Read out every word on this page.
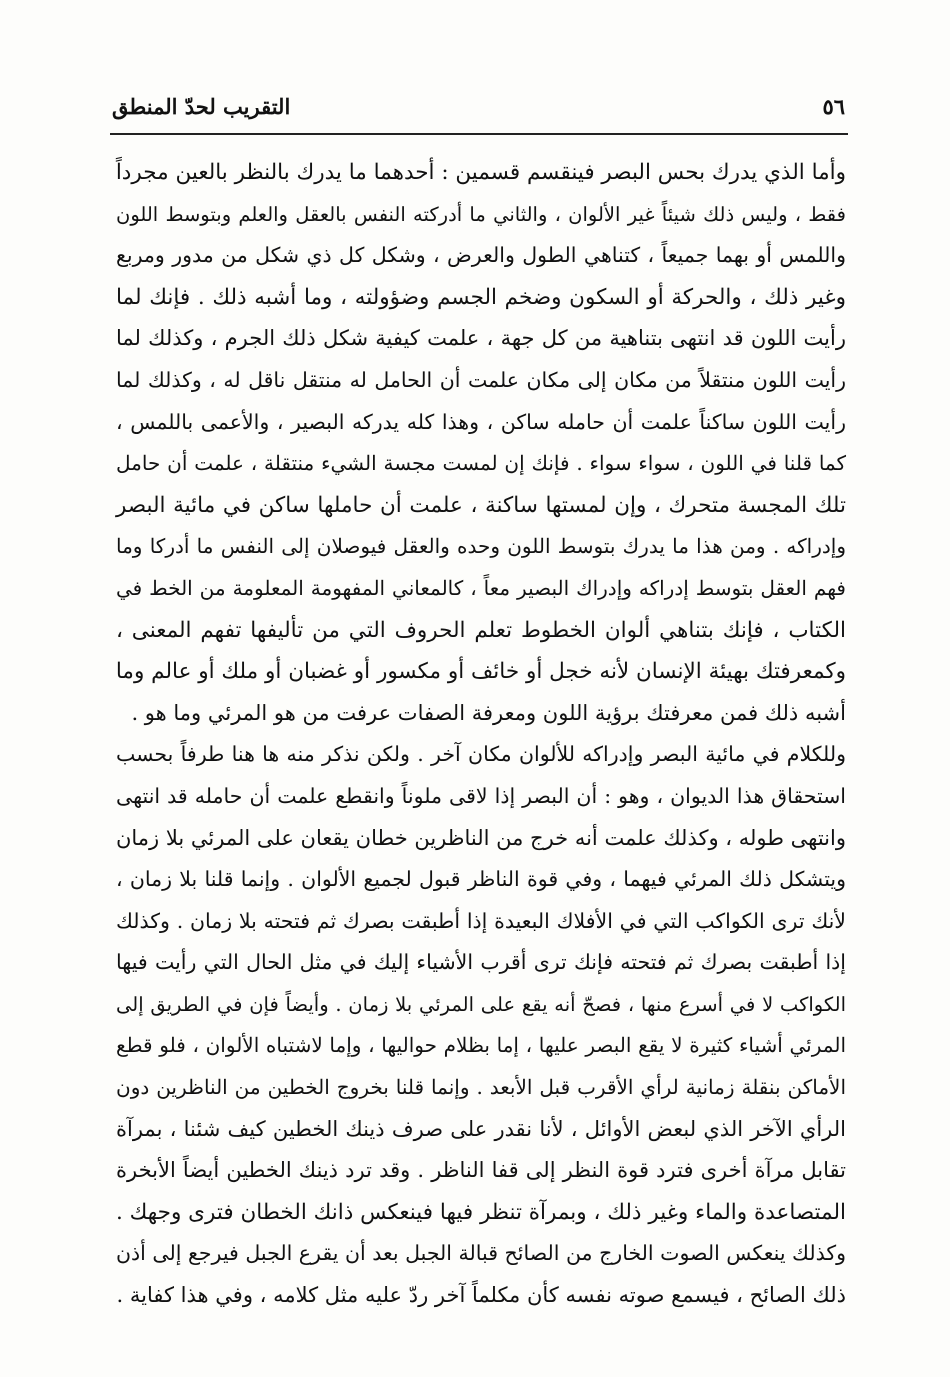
٥٦
التقريب لحدّ المنطق
وأما الذي يدرك بحس البصر فينقسم قسمين : أحدهما ما يدرك بالنظر بالعين مجرداً
فقط ، وليس ذلك شيئاً غير الألوان ، والثاني ما أدركته النفس بالعقل والعلم وبتوسط اللون
واللمس أو بهما جميعاً ، كتناهي الطول والعرض ، وشكل كل ذي شكل من مدور ومربع
وغير ذلك ، والحركة أو السكون وضخم الجسم وضؤولته ، وما أشبه ذلك . فإنك لما
رأيت اللون قد انتهى بتناهية من كل جهة ، علمت كيفية شكل ذلك الجرم ، وكذلك لما
رأيت اللون منتقلاً من مكان إلى مكان علمت أن الحامل له منتقل ناقل له ، وكذلك لما
رأيت اللون ساكناً علمت أن حامله ساكن ، وهذا كله يدركه البصير ، والأعمى باللمس ،
كما قلنا في اللون ، سواء سواء . فإنك إن لمست مجسة الشيء منتقلة ، علمت أن حامل
تلك المجسة متحرك ، وإن لمستها ساكنة ، علمت أن حاملها ساكن في مائية البصر
وإدراكه . ومن هذا ما يدرك بتوسط اللون وحده والعقل فيوصلان إلى النفس ما أدركا وما
فهم العقل بتوسط إدراكه وإدراك البصير معاً ، كالمعاني المفهومة المعلومة من الخط في
الكتاب ، فإنك بتناهي ألوان الخطوط تعلم الحروف التي من تأليفها تفهم المعنى ،
وكمعرفتك بهيئة الإنسان لأنه خجل أو خائف أو مكسور أو غضبان أو ملك أو عالم وما
أشبه ذلك فمن معرفتك برؤية اللون ومعرفة الصفات عرفت من هو المرئي وما هو .
وللكلام في مائية البصر وإدراكه للألوان مكان آخر . ولكن نذكر منه ها هنا طرفاً بحسب
استحقاق هذا الديوان ، وهو : أن البصر إذا لاقى ملوناً وانقطع علمت أن حامله قد انتهى
وانتهى طوله ، وكذلك علمت أنه خرج من الناظرين خطان يقعان على المرئي بلا زمان
ويتشكل ذلك المرئي فيهما ، وفي قوة الناظر قبول لجميع الألوان . وإنما قلنا بلا زمان ،
لأنك ترى الكواكب التي في الأفلاك البعيدة إذا أطبقت بصرك ثم فتحته بلا زمان . وكذلك
إذا أطبقت بصرك ثم فتحته فإنك ترى أقرب الأشياء إليك في مثل الحال التي رأيت فيها
الكواكب لا في أسرع منها ، فصحّ أنه يقع على المرئي بلا زمان . وأيضاً فإن في الطريق إلى
المرئي أشياء كثيرة لا يقع البصر عليها ، إما بظلام حواليها ، وإما لاشتباه الألوان ، فلو قطع
الأماكن بنقلة زمانية لرأي الأقرب قبل الأبعد . وإنما قلنا بخروج الخطين من الناظرين دون
الرأي الآخر الذي لبعض الأوائل ، لأنا نقدر على صرف ذينك الخطين كيف شئنا ، بمرآة
تقابل مرآة أخرى فترد قوة النظر إلى قفا الناظر . وقد ترد ذينك الخطين أيضاً الأبخرة
المتصاعدة والماء وغير ذلك ، وبمرآة تنظر فيها فينعكس ذانك الخطان فترى وجهك .
وكذلك ينعكس الصوت الخارج من الصائح قبالة الجبل بعد أن يقرع الجبل فيرجع إلى أذن
ذلك الصائح ، فيسمع صوته نفسه كأن مكلماً آخر ردّ عليه مثل كلامه ، وفي هذا كفاية .
